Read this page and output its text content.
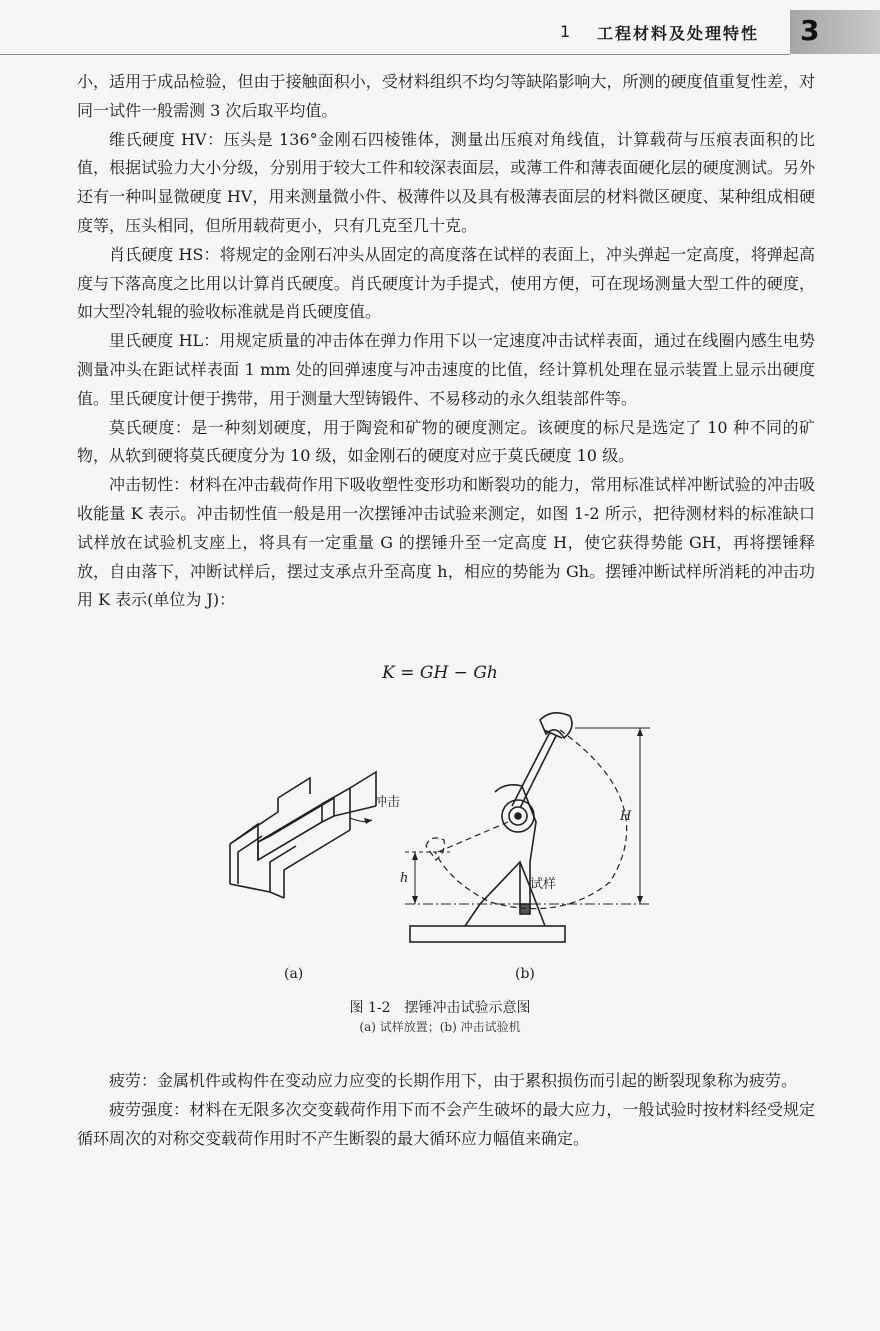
1 工程材料及处理特性 3

小，适用于成品检验，但由于接触面积小，受材料组织不均匀等缺陷影响大，所测的硬度值重复性差，对同一试件一般需测 3 次后取平均值。

维氏硬度 HV：压头是 136°金刚石四棱锥体，测量出压痕对角线值，计算载荷与压痕表面积的比值，根据试验力大小分级，分别用于较大工件和较深表面层，或薄工件和薄表面硬化层的硬度测试。另外还有一种叫显微硬度 HV，用来测量微小件、极薄件以及具有极薄表面层的材料微区硬度、某种组成相硬度等，压头相同，但所用载荷更小，只有几克至几十克。

肖氏硬度 HS：将规定的金刚石冲头从固定的高度落在试样的表面上，冲头弹起一定高度，将弹起高度与下落高度之比用以计算肖氏硬度。肖氏硬度计为手提式，使用方便，可在现场测量大型工件的硬度，如大型冷轧辊的验收标准就是肖氏硬度值。

里氏硬度 HL：用规定质量的冲击体在弹力作用下以一定速度冲击试样表面，通过在线圈内感生电势测量冲头在距试样表面 1 mm 处的回弹速度与冲击速度的比值，经计算机处理在显示装置上显示出硬度值。里氏硬度计便于携带，用于测量大型铸锻件、不易移动的永久组装部件等。

莫氏硬度：是一种刻划硬度，用于陶瓷和矿物的硬度测定。该硬度的标尺是选定了 10 种不同的矿物，从软到硬将莫氏硬度分为 10 级，如金刚石的硬度对应于莫氏硬度 10 级。

冲击韧性：材料在冲击载荷作用下吸收塑性变形功和断裂功的能力，常用标准试样冲断试验的冲击吸收能量 K 表示。冲击韧性值一般是用一次摆锤冲击试验来测定，如图 1-2 所示，把待测材料的标准缺口试样放在试验机支座上，将具有一定重量 G 的摆锤升至一定高度 H，使它获得势能 GH，再将摆锤释放，自由落下，冲断试样后，摆过支承点升至高度 h，相应的势能为 Gh。摆锤冲断试样所消耗的冲击功用 K 表示(单位为 J)：

K = GH − Gh
冲击
H
h	试样
(a)	(b)
图 1-2　摆锤冲击试验示意图
(a) 试样放置；(b) 冲击试验机

疲劳：金属机件或构件在变动应力应变的长期作用下，由于累积损伤而引起的断裂现象称为疲劳。

疲劳强度：材料在无限多次交变载荷作用下而不会产生破坏的最大应力，一般试验时按材料经受规定循环周次的对称交变载荷作用时不产生断裂的最大循环应力幅值来确定。
